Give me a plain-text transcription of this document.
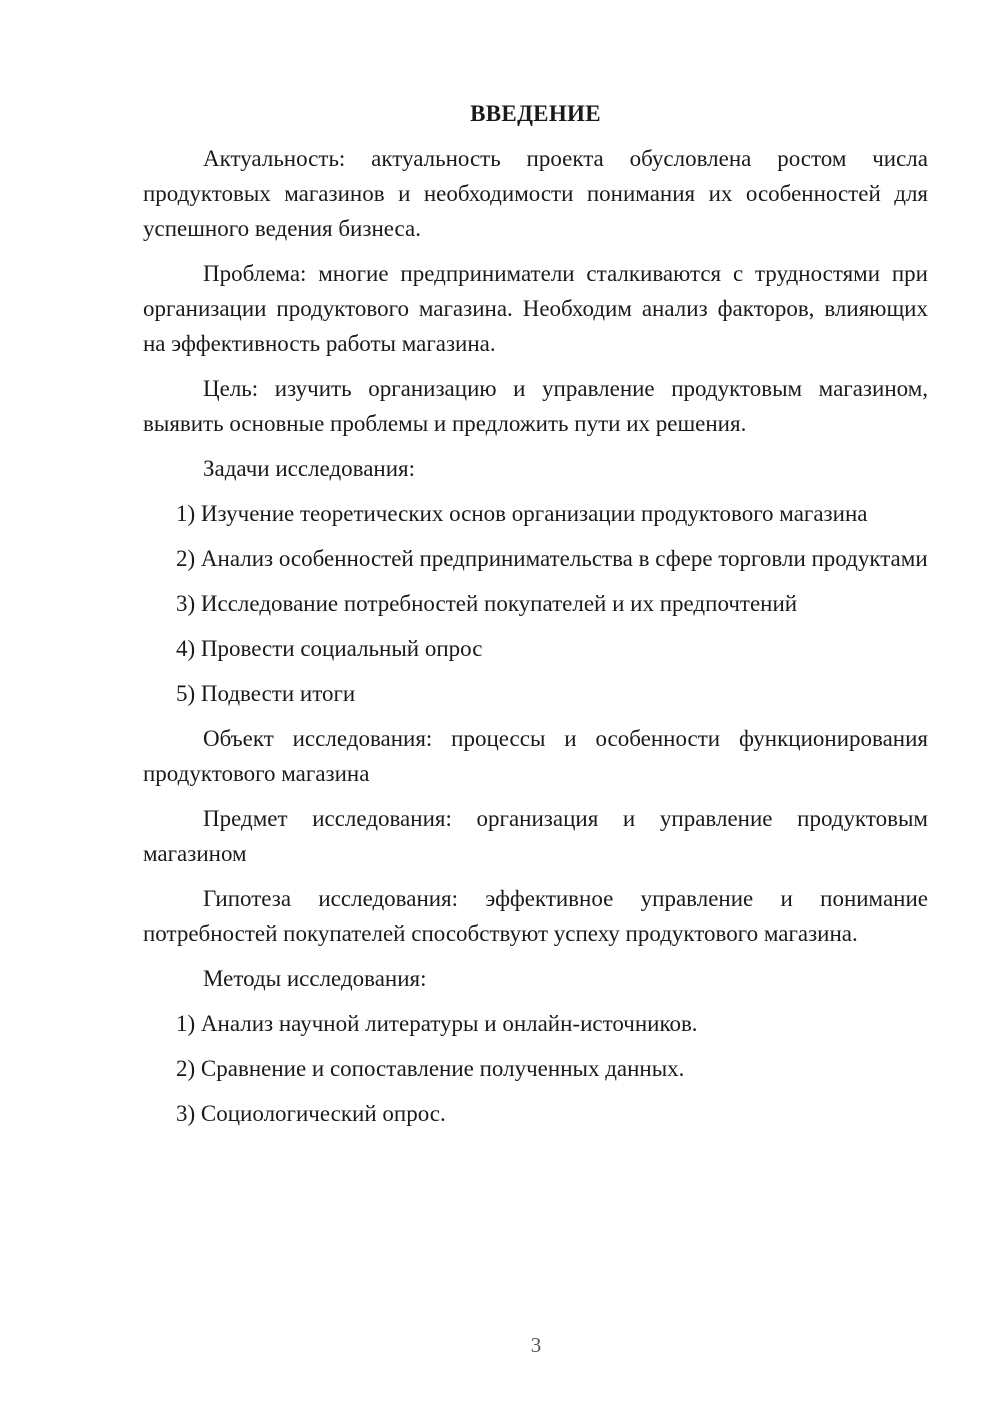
ВВЕДЕНИЕ

Актуальность: актуальность проекта обусловлена ростом числа продуктовых магазинов и необходимости понимания их особенностей для успешного ведения бизнеса.

Проблема: многие предприниматели сталкиваются с трудностями при организации продуктового магазина. Необходим анализ факторов, влияющих на эффективность работы магазина.

Цель: изучить организацию и управление продуктовым магазином, выявить основные проблемы и предложить пути их решения.

Задачи исследования:

1) Изучение теоретических основ организации продуктового магазина

2) Анализ особенностей предпринимательства в сфере торговли продуктами

3) Исследование потребностей покупателей и их предпочтений

4) Провести социальный опрос

5) Подвести итоги

Объект исследования: процессы и особенности функционирования продуктового магазина

Предмет исследования: организация и управление продуктовым магазином

Гипотеза исследования: эффективное управление и понимание потребностей покупателей способствуют успеху продуктового магазина.

Методы исследования:

1) Анализ научной литературы и онлайн-источников.

2) Сравнение и сопоставление полученных данных.

3) Социологический опрос.

3
